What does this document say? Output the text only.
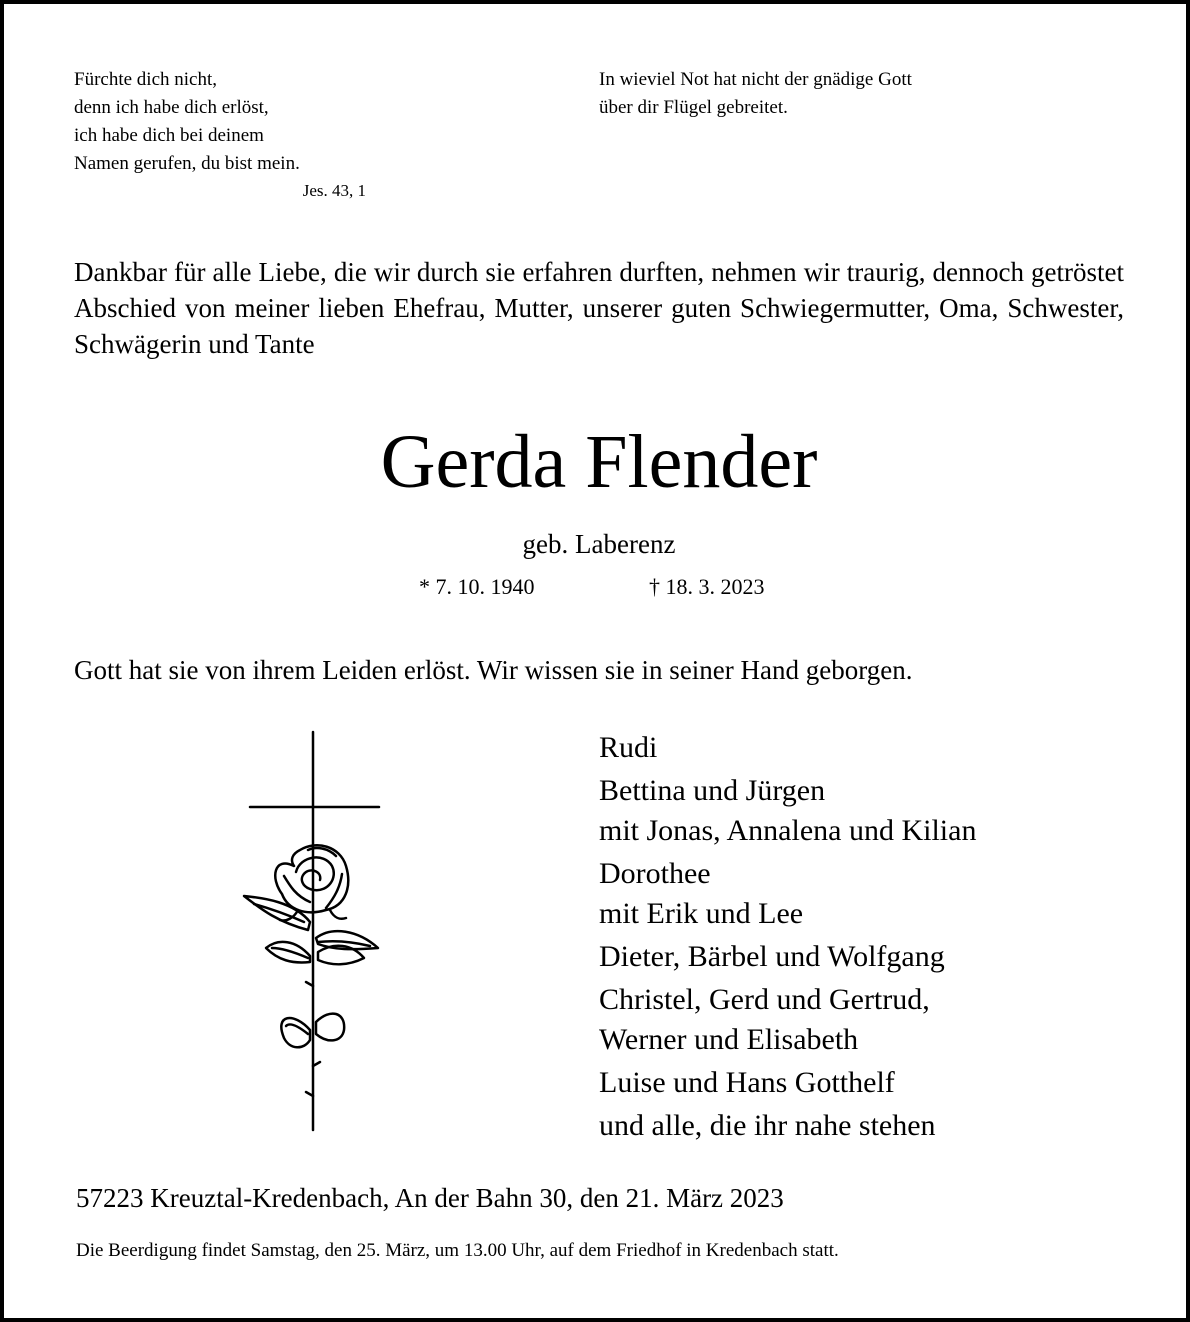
Fürchte dich nicht,
denn ich habe dich erlöst,
ich habe dich bei deinem
Namen gerufen, du bist mein.
Jes. 43, 1
In wieviel Not hat nicht der gnädige Gott
über dir Flügel gebreitet.
Dankbar für alle Liebe, die wir durch sie erfahren durften, nehmen wir traurig, dennoch getröstet Abschied von meiner lieben Ehefrau, Mutter, unserer guten Schwiegermutter, Oma, Schwester, Schwägerin und Tante
Gerda Flender
geb. Laberenz
* 7. 10. 1940	† 18. 3. 2023
Gott hat sie von ihrem Leiden erlöst. Wir wissen sie in seiner Hand geborgen.
Rudi
Bettina und Jürgen
mit Jonas, Annalena und Kilian
Dorothee
mit Erik und Lee
Dieter, Bärbel und Wolfgang
Christel, Gerd und Gertrud,
Werner und Elisabeth
Luise und Hans Gotthelf
und alle, die ihr nahe stehen
57223 Kreuztal-Kredenbach, An der Bahn 30, den 21. März 2023
Die Beerdigung findet Samstag, den 25. März, um 13.00 Uhr, auf dem Friedhof in Kredenbach statt.
